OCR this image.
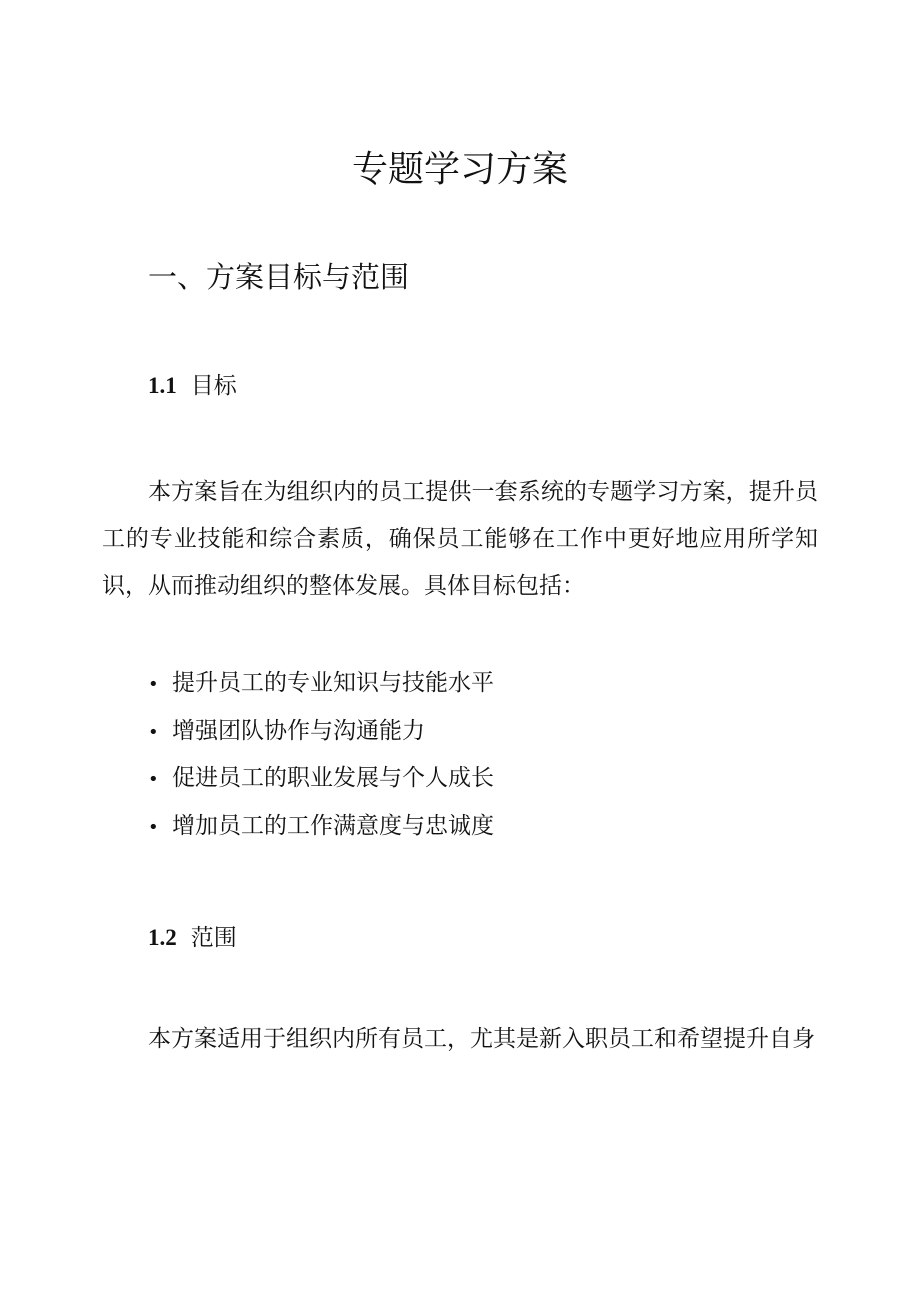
专题学习方案
一、方案目标与范围
1.1 目标

本方案旨在为组织内的员工提供一套系统的专题学习方案，提升员工的专业技能和综合素质，确保员工能够在工作中更好地应用所学知识，从而推动组织的整体发展。具体目标包括：

• 提升员工的专业知识与技能水平
• 增强团队协作与沟通能力
• 促进员工的职业发展与个人成长
• 增加员工的工作满意度与忠诚度
1.2 范围

本方案适用于组织内所有员工，尤其是新入职员工和希望提升自身
